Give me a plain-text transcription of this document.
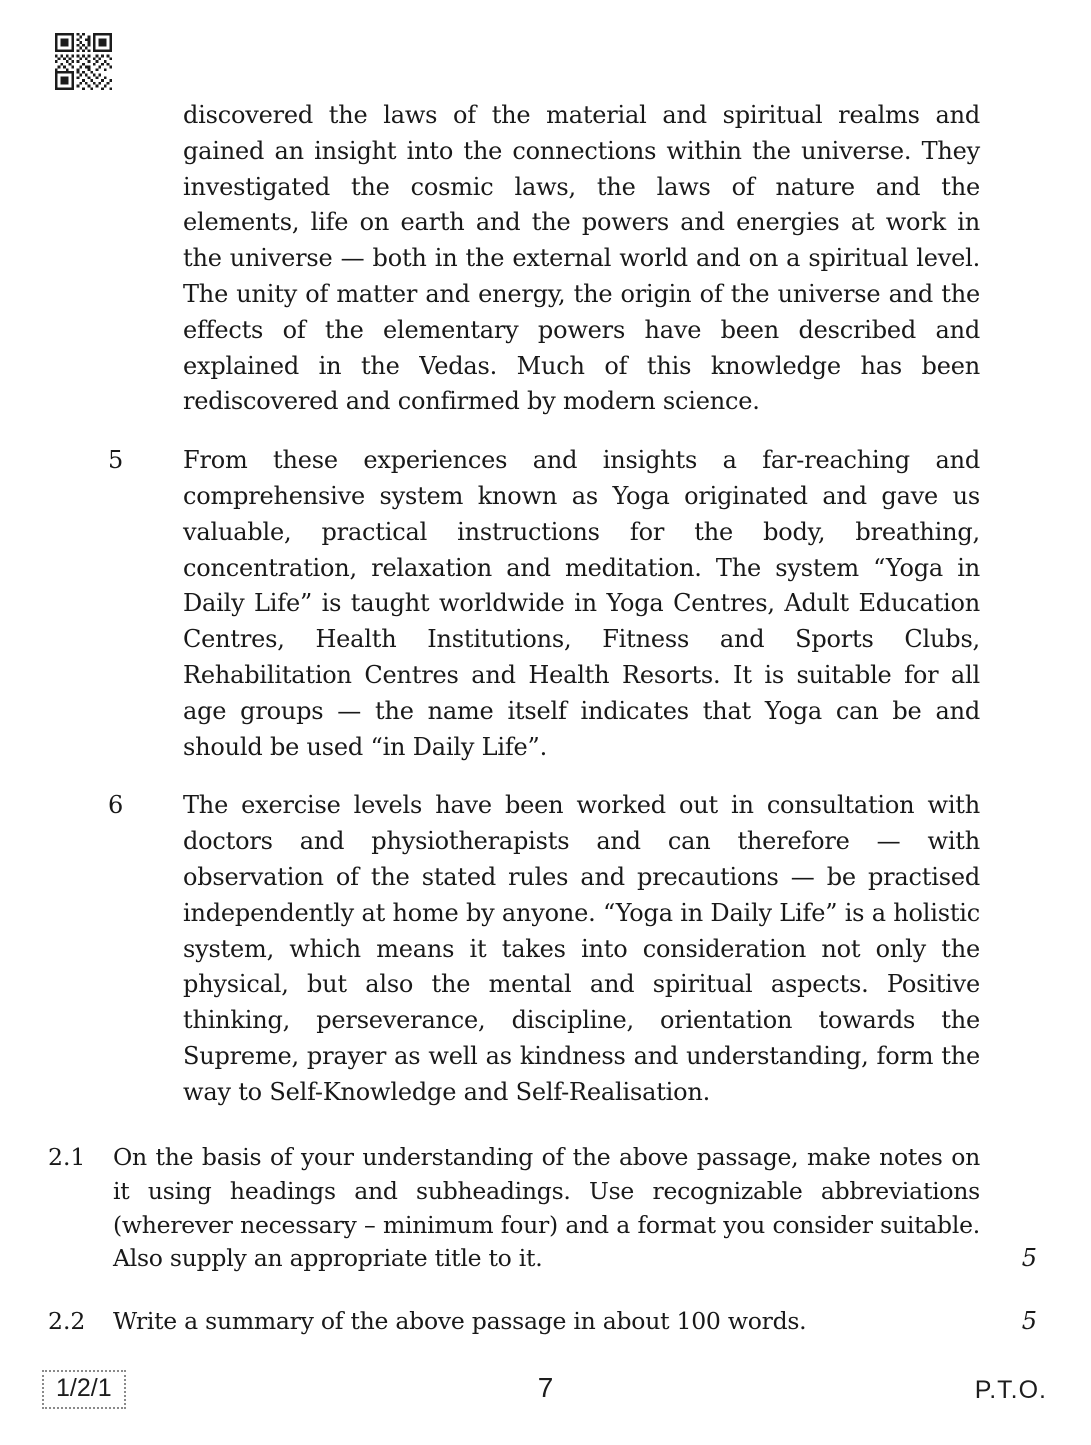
discovered the laws of the material and spiritual realms and gained an insight into the connections within the universe. They investigated the cosmic laws, the laws of nature and the elements, life on earth and the powers and energies at work in the universe — both in the external world and on a spiritual level. The unity of matter and energy, the origin of the universe and the effects of the elementary powers have been described and explained in the Vedas. Much of this knowledge has been rediscovered and confirmed by modern science.
5	From these experiences and insights a far-reaching and comprehensive system known as Yoga originated and gave us valuable, practical instructions for the body, breathing, concentration, relaxation and meditation. The system “Yoga in Daily Life” is taught worldwide in Yoga Centres, Adult Education Centres, Health Institutions, Fitness and Sports Clubs, Rehabilitation Centres and Health Resorts. It is suitable for all age groups — the name itself indicates that Yoga can be and should be used “in Daily Life”.
6	The exercise levels have been worked out in consultation with doctors and physiotherapists and can therefore — with observation of the stated rules and precautions — be practised independently at home by anyone. “Yoga in Daily Life” is a holistic system, which means it takes into consideration not only the physical, but also the mental and spiritual aspects. Positive thinking, perseverance, discipline, orientation towards the Supreme, prayer as well as kindness and understanding, form the way to Self-Knowledge and Self-Realisation.
2.1	On the basis of your understanding of the above passage, make notes on it using headings and subheadings. Use recognizable abbreviations (wherever necessary – minimum four) and a format you consider suitable. Also supply an appropriate title to it.	5
2.2	Write a summary of the above passage in about 100 words.	5
1/2/1	7	P.T.O.
